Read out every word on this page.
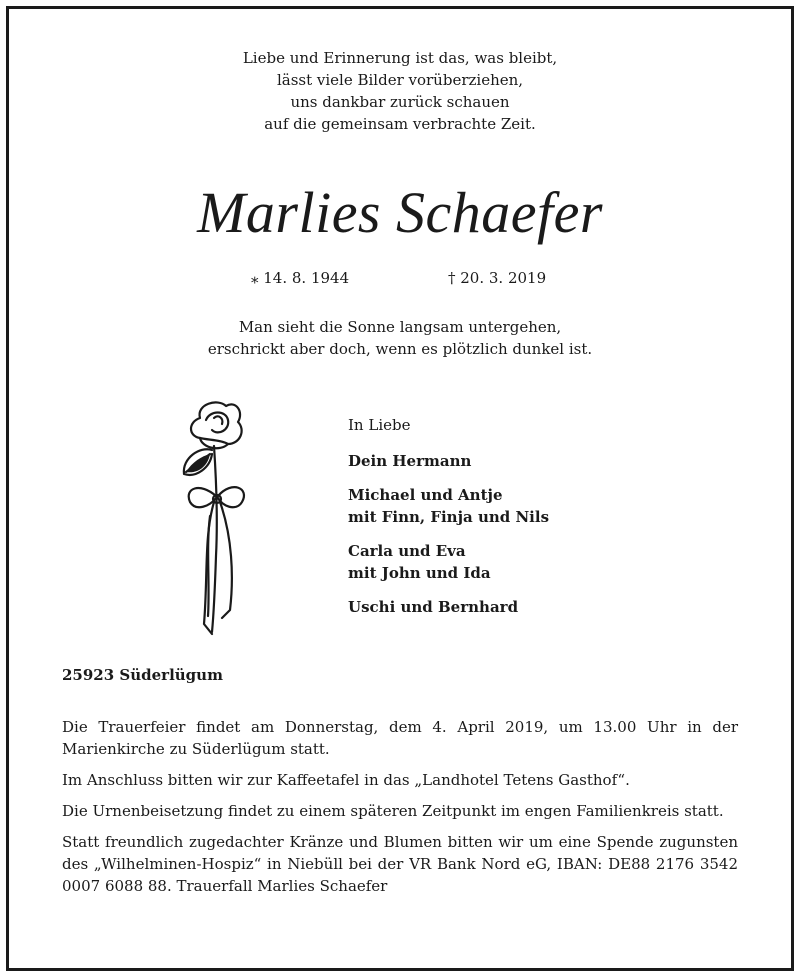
Liebe und Erinnerung ist das, was bleibt,
lässt viele Bilder vorüberziehen,
uns dankbar zurück schauen
auf die gemeinsam verbrachte Zeit.
Marlies Schaefer
⁎ 14. 8. 1944	† 20. 3. 2019
Man sieht die Sonne langsam untergehen,
erschrickt aber doch, wenn es plötzlich dunkel ist.
In Liebe
Dein Hermann
Michael und Antje
mit Finn, Finja und Nils
Carla und Eva
mit John und Ida
Uschi und Bernhard
25923 Süderlügum

Die Trauerfeier findet am Donnerstag, dem 4. April 2019, um 13.00 Uhr in der Marienkirche zu Süderlügum statt.

Im Anschluss bitten wir zur Kaffeetafel in das „Landhotel Tetens Gasthof“.

Die Urnenbeisetzung findet zu einem späteren Zeitpunkt im engen Familienkreis statt.

Statt freundlich zugedachter Kränze und Blumen bitten wir um eine Spende zugunsten des „Wilhelminen-Hospiz“ in Niebüll bei der VR Bank Nord eG, IBAN: DE88 2176 3542 0007 6088 88. Trauerfall Marlies Schaefer
